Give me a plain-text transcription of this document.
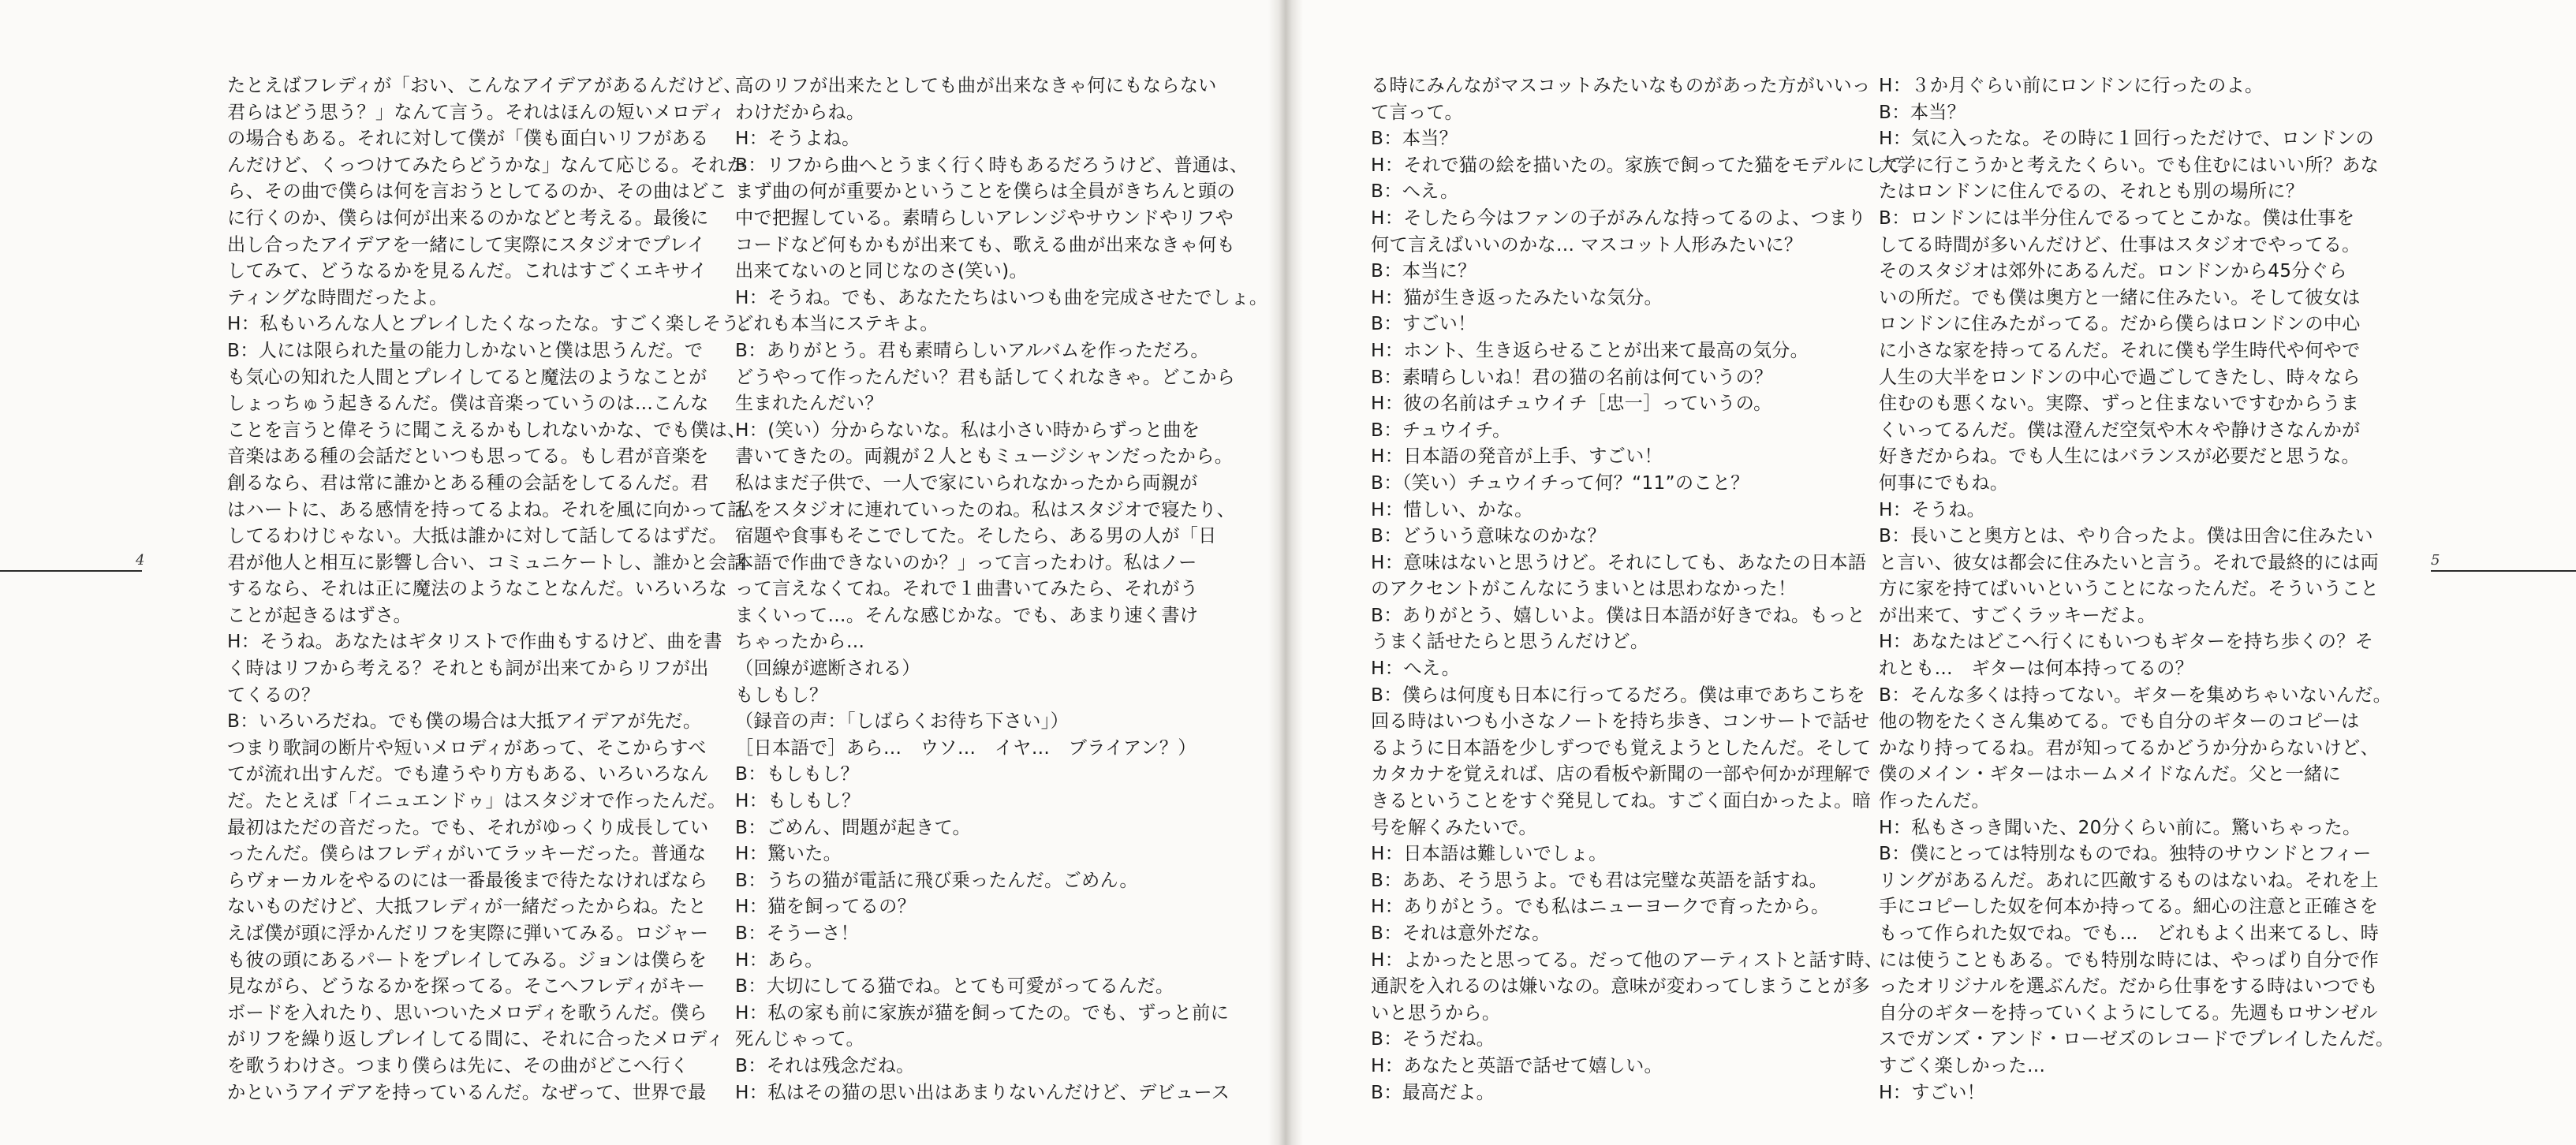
たとえばフレディが「おい、こんなアイデアがあるんだけど、
君らはどう思う？」なんて言う。それはほんの短いメロディ
の場合もある。それに対して僕が「僕も面白いリフがある
んだけど、くっつけてみたらどうかな」なんて応じる。それか
ら、その曲で僕らは何を言おうとしてるのか、その曲はどこ
に行くのか、僕らは何が出来るのかなどと考える。最後に
出し合ったアイデアを一緒にして実際にスタジオでプレイ
してみて、どうなるかを見るんだ。これはすごくエキサイ
ティングな時間だったよ。
H：私もいろんな人とプレイしたくなったな。すごく楽しそう。
B：人には限られた量の能力しかないと僕は思うんだ。で
も気心の知れた人間とプレイしてると魔法のようなことが
しょっちゅう起きるんだ。僕は音楽っていうのは…こんな
ことを言うと偉そうに聞こえるかもしれないかな、でも僕は、
音楽はある種の会話だといつも思ってる。もし君が音楽を
創るなら、君は常に誰かとある種の会話をしてるんだ。君
はハートに、ある感情を持ってるよね。それを風に向かって話
してるわけじゃない。大抵は誰かに対して話してるはずだ。
君が他人と相互に影響し合い、コミュニケートし、誰かと会話
するなら、それは正に魔法のようなことなんだ。いろいろな
ことが起きるはずさ。
H：そうね。あなたはギタリストで作曲もするけど、曲を書
く時はリフから考える？それとも詞が出来てからリフが出
てくるの？
B：いろいろだね。でも僕の場合は大抵アイデアが先だ。
つまり歌詞の断片や短いメロディがあって、そこからすべ
てが流れ出すんだ。でも違うやり方もある、いろいろなん
だ。たとえば「イニュエンドゥ」はスタジオで作ったんだ。
最初はただの音だった。でも、それがゆっくり成長してい
ったんだ。僕らはフレディがいてラッキーだった。普通な
らヴォーカルをやるのには一番最後まで待たなければなら
ないものだけど、大抵フレディが一緒だったからね。たと
えば僕が頭に浮かんだリフを実際に弾いてみる。ロジャー
も彼の頭にあるパートをプレイしてみる。ジョンは僕らを
見ながら、どうなるかを探ってる。そこへフレディがキー
ボードを入れたり、思いついたメロディを歌うんだ。僕ら
がリフを繰り返しプレイしてる間に、それに合ったメロディ
を歌うわけさ。つまり僕らは先に、その曲がどこへ行く
かというアイデアを持っているんだ。なぜって、世界で最
高のリフが出来たとしても曲が出来なきゃ何にもならない
わけだからね。
H：そうよね。
B：リフから曲へとうまく行く時もあるだろうけど、普通は、
まず曲の何が重要かということを僕らは全員がきちんと頭の
中で把握している。素晴らしいアレンジやサウンドやリフや
コードなど何もかもが出来ても、歌える曲が出来なきゃ何も
出来てないのと同じなのさ(笑い)。
H：そうね。でも、あなたたちはいつも曲を完成させたでしょ。
どれも本当にステキよ。
B：ありがとう。君も素晴らしいアルバムを作っただろ。
どうやって作ったんだい？君も話してくれなきゃ。どこから
生まれたんだい？
H：(笑い）分からないな。私は小さい時からずっと曲を
書いてきたの。両親が２人ともミュージシャンだったから。
私はまだ子供で、一人で家にいられなかったから両親が
私をスタジオに連れていったのね。私はスタジオで寝たり、
宿題や食事もそこでしてた。そしたら、ある男の人が「日
本語で作曲できないのか？」って言ったわけ。私はノー
って言えなくてね。それで１曲書いてみたら、それがう
まくいって…。そんな感じかな。でも、あまり速く書け
ちゃったから…
（回線が遮断される）
もしもし？
（録音の声：「しばらくお待ち下さい」）
［日本語で］あら…　ウソ…　イヤ…　ブライアン？）
B：もしもし？
H：もしもし？
B：ごめん、問題が起きて。
H：驚いた。
B：うちの猫が電話に飛び乗ったんだ。ごめん。
H：猫を飼ってるの？
B：そうーさ！
H：あら。
B：大切にしてる猫でね。とても可愛がってるんだ。
H：私の家も前に家族が猫を飼ってたの。でも、ずっと前に
死んじゃって。
B：それは残念だね。
H：私はその猫の思い出はあまりないんだけど、デビュース
る時にみんながマスコットみたいなものがあった方がいいっ
て言って。
B：本当？
H：それで猫の絵を描いたの。家族で飼ってた猫をモデルにして。
B：へえ。
H：そしたら今はファンの子がみんな持ってるのよ、つまり
何て言えばいいのかな… マスコット人形みたいに？
B：本当に？
H：猫が生き返ったみたいな気分。
B：すごい！
H：ホント、生き返らせることが出来て最高の気分。
B：素晴らしいね！君の猫の名前は何ていうの？
H：彼の名前はチュウイチ［忠一］っていうの。
B：チュウイチ。
H：日本語の発音が上手、すごい！
B：（笑い）チュウイチって何？“11”のこと？
H：惜しい、かな。
B：どういう意味なのかな？
H：意味はないと思うけど。それにしても、あなたの日本語
のアクセントがこんなにうまいとは思わなかった！
B：ありがとう、嬉しいよ。僕は日本語が好きでね。もっと
うまく話せたらと思うんだけど。
H：へえ。
B：僕らは何度も日本に行ってるだろ。僕は車であちこちを
回る時はいつも小さなノートを持ち歩き、コンサートで話せ
るように日本語を少しずつでも覚えようとしたんだ。そして
カタカナを覚えれば、店の看板や新聞の一部や何かが理解で
きるということをすぐ発見してね。すごく面白かったよ。暗
号を解くみたいで。
H：日本語は難しいでしょ。
B：ああ、そう思うよ。でも君は完璧な英語を話すね。
H：ありがとう。でも私はニューヨークで育ったから。
B：それは意外だな。
H：よかったと思ってる。だって他のアーティストと話す時、
通訳を入れるのは嫌いなの。意味が変わってしまうことが多
いと思うから。
B：そうだね。
H：あなたと英語で話せて嬉しい。
B：最高だよ。
H：３か月ぐらい前にロンドンに行ったのよ。
B：本当？
H：気に入ったな。その時に１回行っただけで、ロンドンの
大学に行こうかと考えたくらい。でも住むにはいい所？あな
たはロンドンに住んでるの、それとも別の場所に？
B：ロンドンには半分住んでるってとこかな。僕は仕事を
してる時間が多いんだけど、仕事はスタジオでやってる。
そのスタジオは郊外にあるんだ。ロンドンから45分ぐら
いの所だ。でも僕は奥方と一緒に住みたい。そして彼女は
ロンドンに住みたがってる。だから僕らはロンドンの中心
に小さな家を持ってるんだ。それに僕も学生時代や何やで
人生の大半をロンドンの中心で過ごしてきたし、時々なら
住むのも悪くない。実際、ずっと住まないですむからうま
くいってるんだ。僕は澄んだ空気や木々や静けさなんかが
好きだからね。でも人生にはバランスが必要だと思うな。
何事にでもね。
H：そうね。
B：長いこと奥方とは、やり合ったよ。僕は田舎に住みたい
と言い、彼女は都会に住みたいと言う。それで最終的には両
方に家を持てばいいということになったんだ。そういうこと
が出来て、すごくラッキーだよ。
H：あなたはどこへ行くにもいつもギターを持ち歩くの？そ
れとも…　ギターは何本持ってるの？
B：そんな多くは持ってない。ギターを集めちゃいないんだ。
他の物をたくさん集めてる。でも自分のギターのコピーは
かなり持ってるね。君が知ってるかどうか分からないけど、
僕のメイン・ギターはホームメイドなんだ。父と一緒に
作ったんだ。
H：私もさっき聞いた、20分くらい前に。驚いちゃった。
B：僕にとっては特別なものでね。独特のサウンドとフィー
リングがあるんだ。あれに匹敵するものはないね。それを上
手にコピーした奴を何本か持ってる。細心の注意と正確さを
もって作られた奴でね。でも…　どれもよく出来てるし、時
には使うこともある。でも特別な時には、やっぱり自分で作
ったオリジナルを選ぶんだ。だから仕事をする時はいつでも
自分のギターを持っていくようにしてる。先週もロサンゼル
スでガンズ・アンド・ローゼズのレコードでプレイしたんだ。
すごく楽しかった…
H：すごい！
4	5
